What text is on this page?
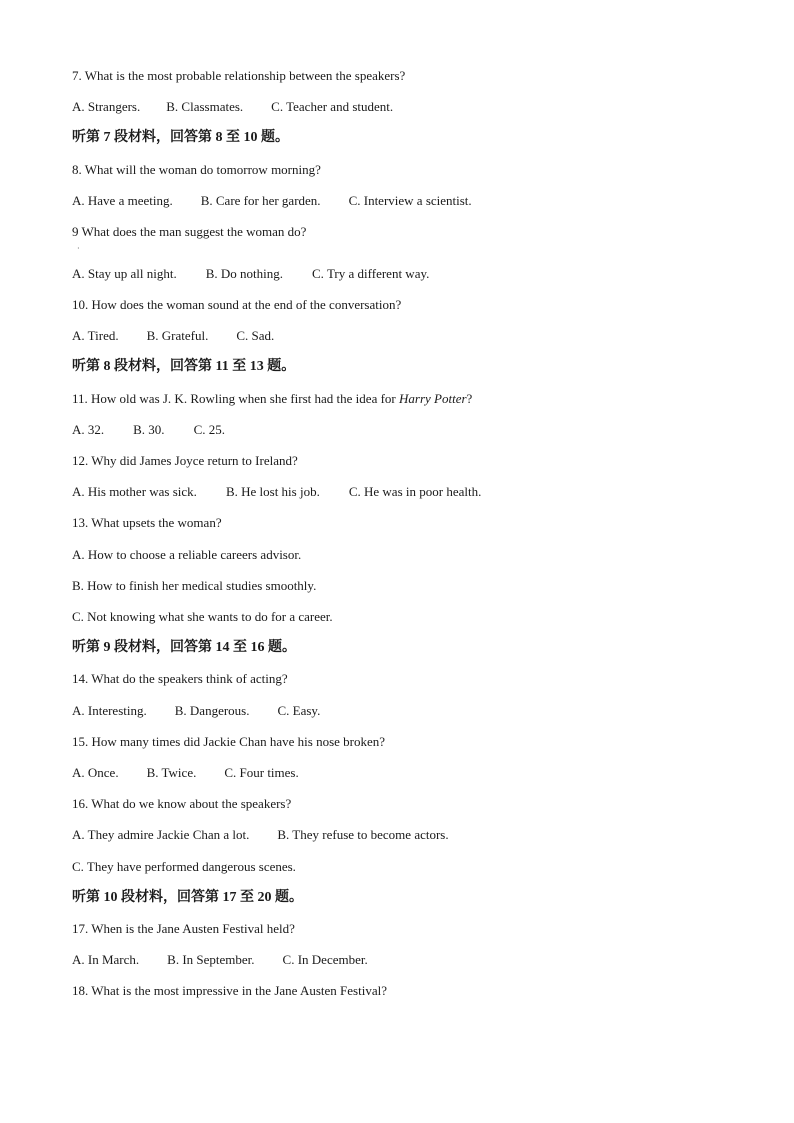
7. What is the most probable relationship between the speakers?
A. Strangers. B. Classmates. C. Teacher and student.
听第 7 段材料，回答第 8 至 10 题。
8. What will the woman do tomorrow morning?
A. Have a meeting. B. Care for her garden. C. Interview a scientist.
9 What does the man suggest the woman do?
·
A. Stay up all night. B. Do nothing. C. Try a different way.
10. How does the woman sound at the end of the conversation?
A. Tired. B. Grateful. C. Sad.
听第 8 段材料，回答第 11 至 13 题。
11. How old was J. K. Rowling when she first had the idea for Harry Potter?
A. 32. B. 30. C. 25.
12. Why did James Joyce return to Ireland?
A. His mother was sick. B. He lost his job. C. He was in poor health.
13. What upsets the woman?
A. How to choose a reliable careers advisor.
B. How to finish her medical studies smoothly.
C. Not knowing what she wants to do for a career.
听第 9 段材料，回答第 14 至 16 题。
14. What do the speakers think of acting?
A. Interesting. B. Dangerous. C. Easy.
15. How many times did Jackie Chan have his nose broken?
A. Once. B. Twice. C. Four times.
16. What do we know about the speakers?
A. They admire Jackie Chan a lot. B. They refuse to become actors.
C. They have performed dangerous scenes.
听第 10 段材料，回答第 17 至 20 题。
17. When is the Jane Austen Festival held?
A. In March. B. In September. C. In December.
18. What is the most impressive in the Jane Austen Festival?
